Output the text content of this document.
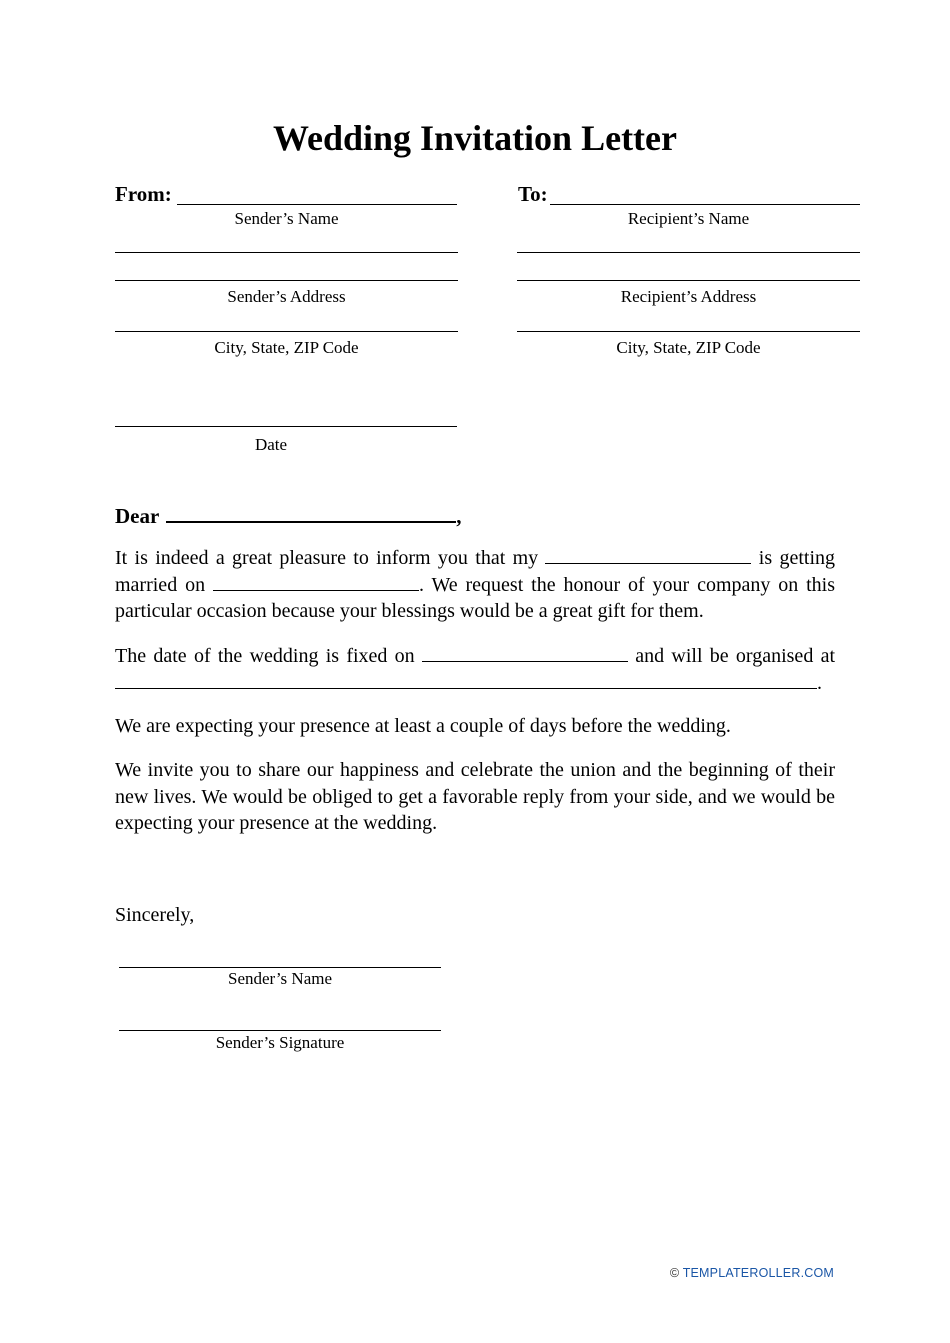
Wedding Invitation Letter
From:
Sender’s Name
Sender’s Address
City, State, ZIP Code
To:
Recipient’s Name
Recipient’s Address
City, State, ZIP Code
Date
Dear	,
It is indeed a great pleasure to inform you that my	is getting married on	. We request the honour of your company on this particular occasion because your blessings would be a great gift for them.
The date of the wedding is fixed on	and will be organised at .
We are expecting your presence at least a couple of days before the wedding.
We invite you to share our happiness and celebrate the union and the beginning of their new lives. We would be obliged to get a favorable reply from your side, and we would be expecting your presence at the wedding.
Sincerely,
Sender’s Name
Sender’s Signature
© TEMPLATEROLLER.COM
